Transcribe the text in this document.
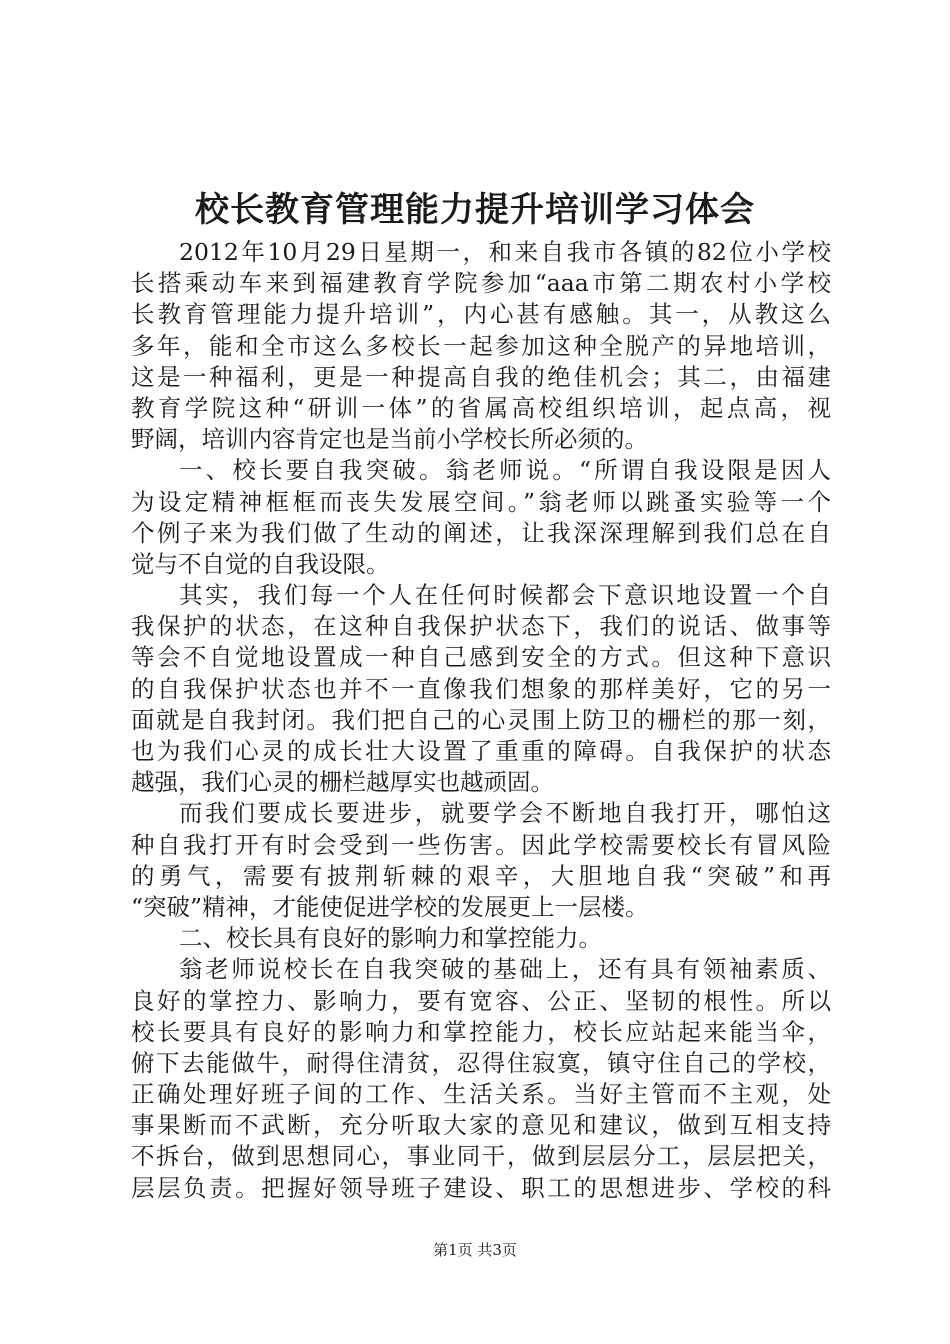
校长教育管理能力提升培训学习体会
2012年10月29日星期一，和来自我市各镇的82位小学校
长搭乘动车来到福建教育学院参加“aaa市第二期农村小学校
长教育管理能力提升培训”，内心甚有感触。其一，从教这么
多年，能和全市这么多校长一起参加这种全脱产的异地培训，
这是一种福利，更是一种提高自我的绝佳机会；其二，由福建
教育学院这种“研训一体”的省属高校组织培训，起点高，视
野阔，培训内容肯定也是当前小学校长所必须的。
一、校长要自我突破。翁老师说。“所谓自我设限是因人
为设定精神框框而丧失发展空间。”翁老师以跳蚤实验等一个
个例子来为我们做了生动的阐述，让我深深理解到我们总在自
觉与不自觉的自我设限。
其实，我们每一个人在任何时候都会下意识地设置一个自
我保护的状态，在这种自我保护状态下，我们的说话、做事等
等会不自觉地设置成一种自己感到安全的方式。但这种下意识
的自我保护状态也并不一直像我们想象的那样美好，它的另一
面就是自我封闭。我们把自己的心灵围上防卫的栅栏的那一刻，
也为我们心灵的成长壮大设置了重重的障碍。自我保护的状态
越强，我们心灵的栅栏越厚实也越顽固。
而我们要成长要进步，就要学会不断地自我打开，哪怕这
种自我打开有时会受到一些伤害。因此学校需要校长有冒风险
的勇气，需要有披荆斩棘的艰辛，大胆地自我“突破”和再
“突破”精神，才能使促进学校的发展更上一层楼。
二、校长具有良好的影响力和掌控能力。
翁老师说校长在自我突破的基础上，还有具有领袖素质、
良好的掌控力、影响力，要有宽容、公正、坚韧的根性。所以
校长要具有良好的影响力和掌控能力，校长应站起来能当伞，
俯下去能做牛，耐得住清贫，忍得住寂寞，镇守住自己的学校，
正确处理好班子间的工作、生活关系。当好主管而不主观，处
事果断而不武断，充分听取大家的意见和建议，做到互相支持
不拆台，做到思想同心，事业同干，做到层层分工，层层把关，
层层负责。把握好领导班子建设、职工的思想进步、学校的科
第1页 共3页
